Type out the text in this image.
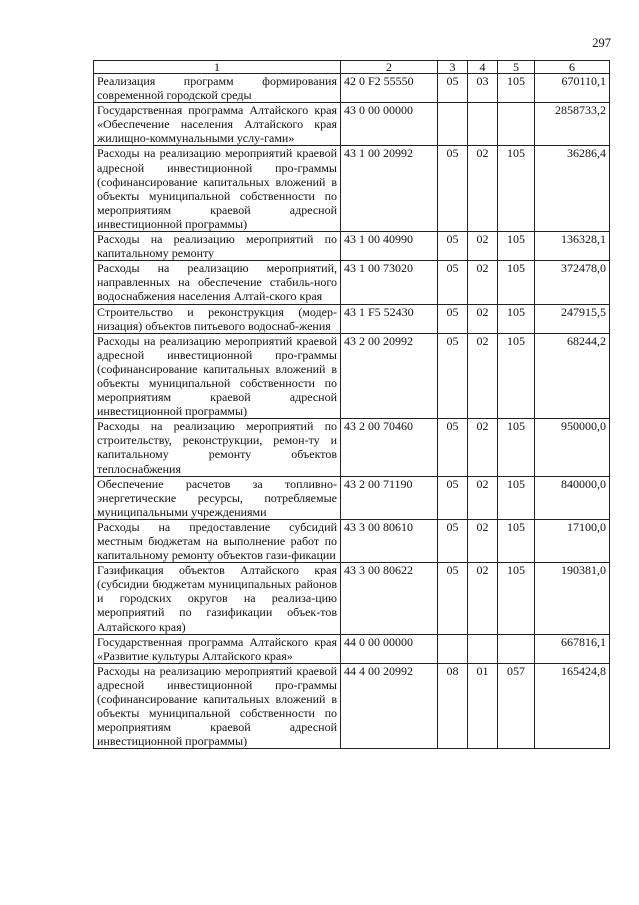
297
1	2	3	4	5	6
Реализация программ формирования современной городской среды	42 0 F2 55550	05	03	105	670110,1
Государственная программа Алтайского края «Обеспечение населения Алтайского края жилищно-коммунальными услу-гами»	43 0 00 00000				2858733,2
Расходы на реализацию мероприятий краевой адресной инвестиционной про-граммы (софинансирование капитальных вложений в объекты муниципальной собственности по мероприятиям краевой адресной инвестиционной программы)	43 1 00 20992	05	02	105	36286,4
Расходы на реализацию мероприятий по капитальному ремонту	43 1 00 40990	05	02	105	136328,1
Расходы на реализацию мероприятий, направленных на обеспечение стабиль-ного водоснабжения населения Алтай-ского края	43 1 00 73020	05	02	105	372478,0
Строительство и реконструкция (модер-низация) объектов питьевого водоснаб-жения	43 1 F5 52430	05	02	105	247915,5
Расходы на реализацию мероприятий краевой адресной инвестиционной про-граммы (софинансирование капитальных вложений в объекты муниципальной собственности по мероприятиям краевой адресной инвестиционной программы)	43 2 00 20992	05	02	105	68244,2
Расходы на реализацию мероприятий по строительству, реконструкции, ремон-ту и капитальному ремонту объектов теплоснабжения	43 2 00 70460	05	02	105	950000,0
Обеспечение расчетов за топливно-энергетические ресурсы, потребляемые муниципальными учреждениями	43 2 00 71190	05	02	105	840000,0
Расходы на предоставление субсидий местным бюджетам на выполнение работ по капитальному ремонту объектов гази-фикации	43 3 00 80610	05	02	105	17100,0
Газификация объектов Алтайского края (субсидии бюджетам муниципальных районов и городских округов на реализа-цию мероприятий по газификации объек-тов Алтайского края)	43 3 00 80622	05	02	105	190381,0
Государственная программа Алтайского края «Развитие культуры Алтайского края»	44 0 00 00000				667816,1
Расходы на реализацию мероприятий краевой адресной инвестиционной про-граммы (софинансирование капитальных вложений в объекты муниципальной собственности по мероприятиям краевой адресной инвестиционной программы)	44 4 00 20992	08	01	057	165424,8
